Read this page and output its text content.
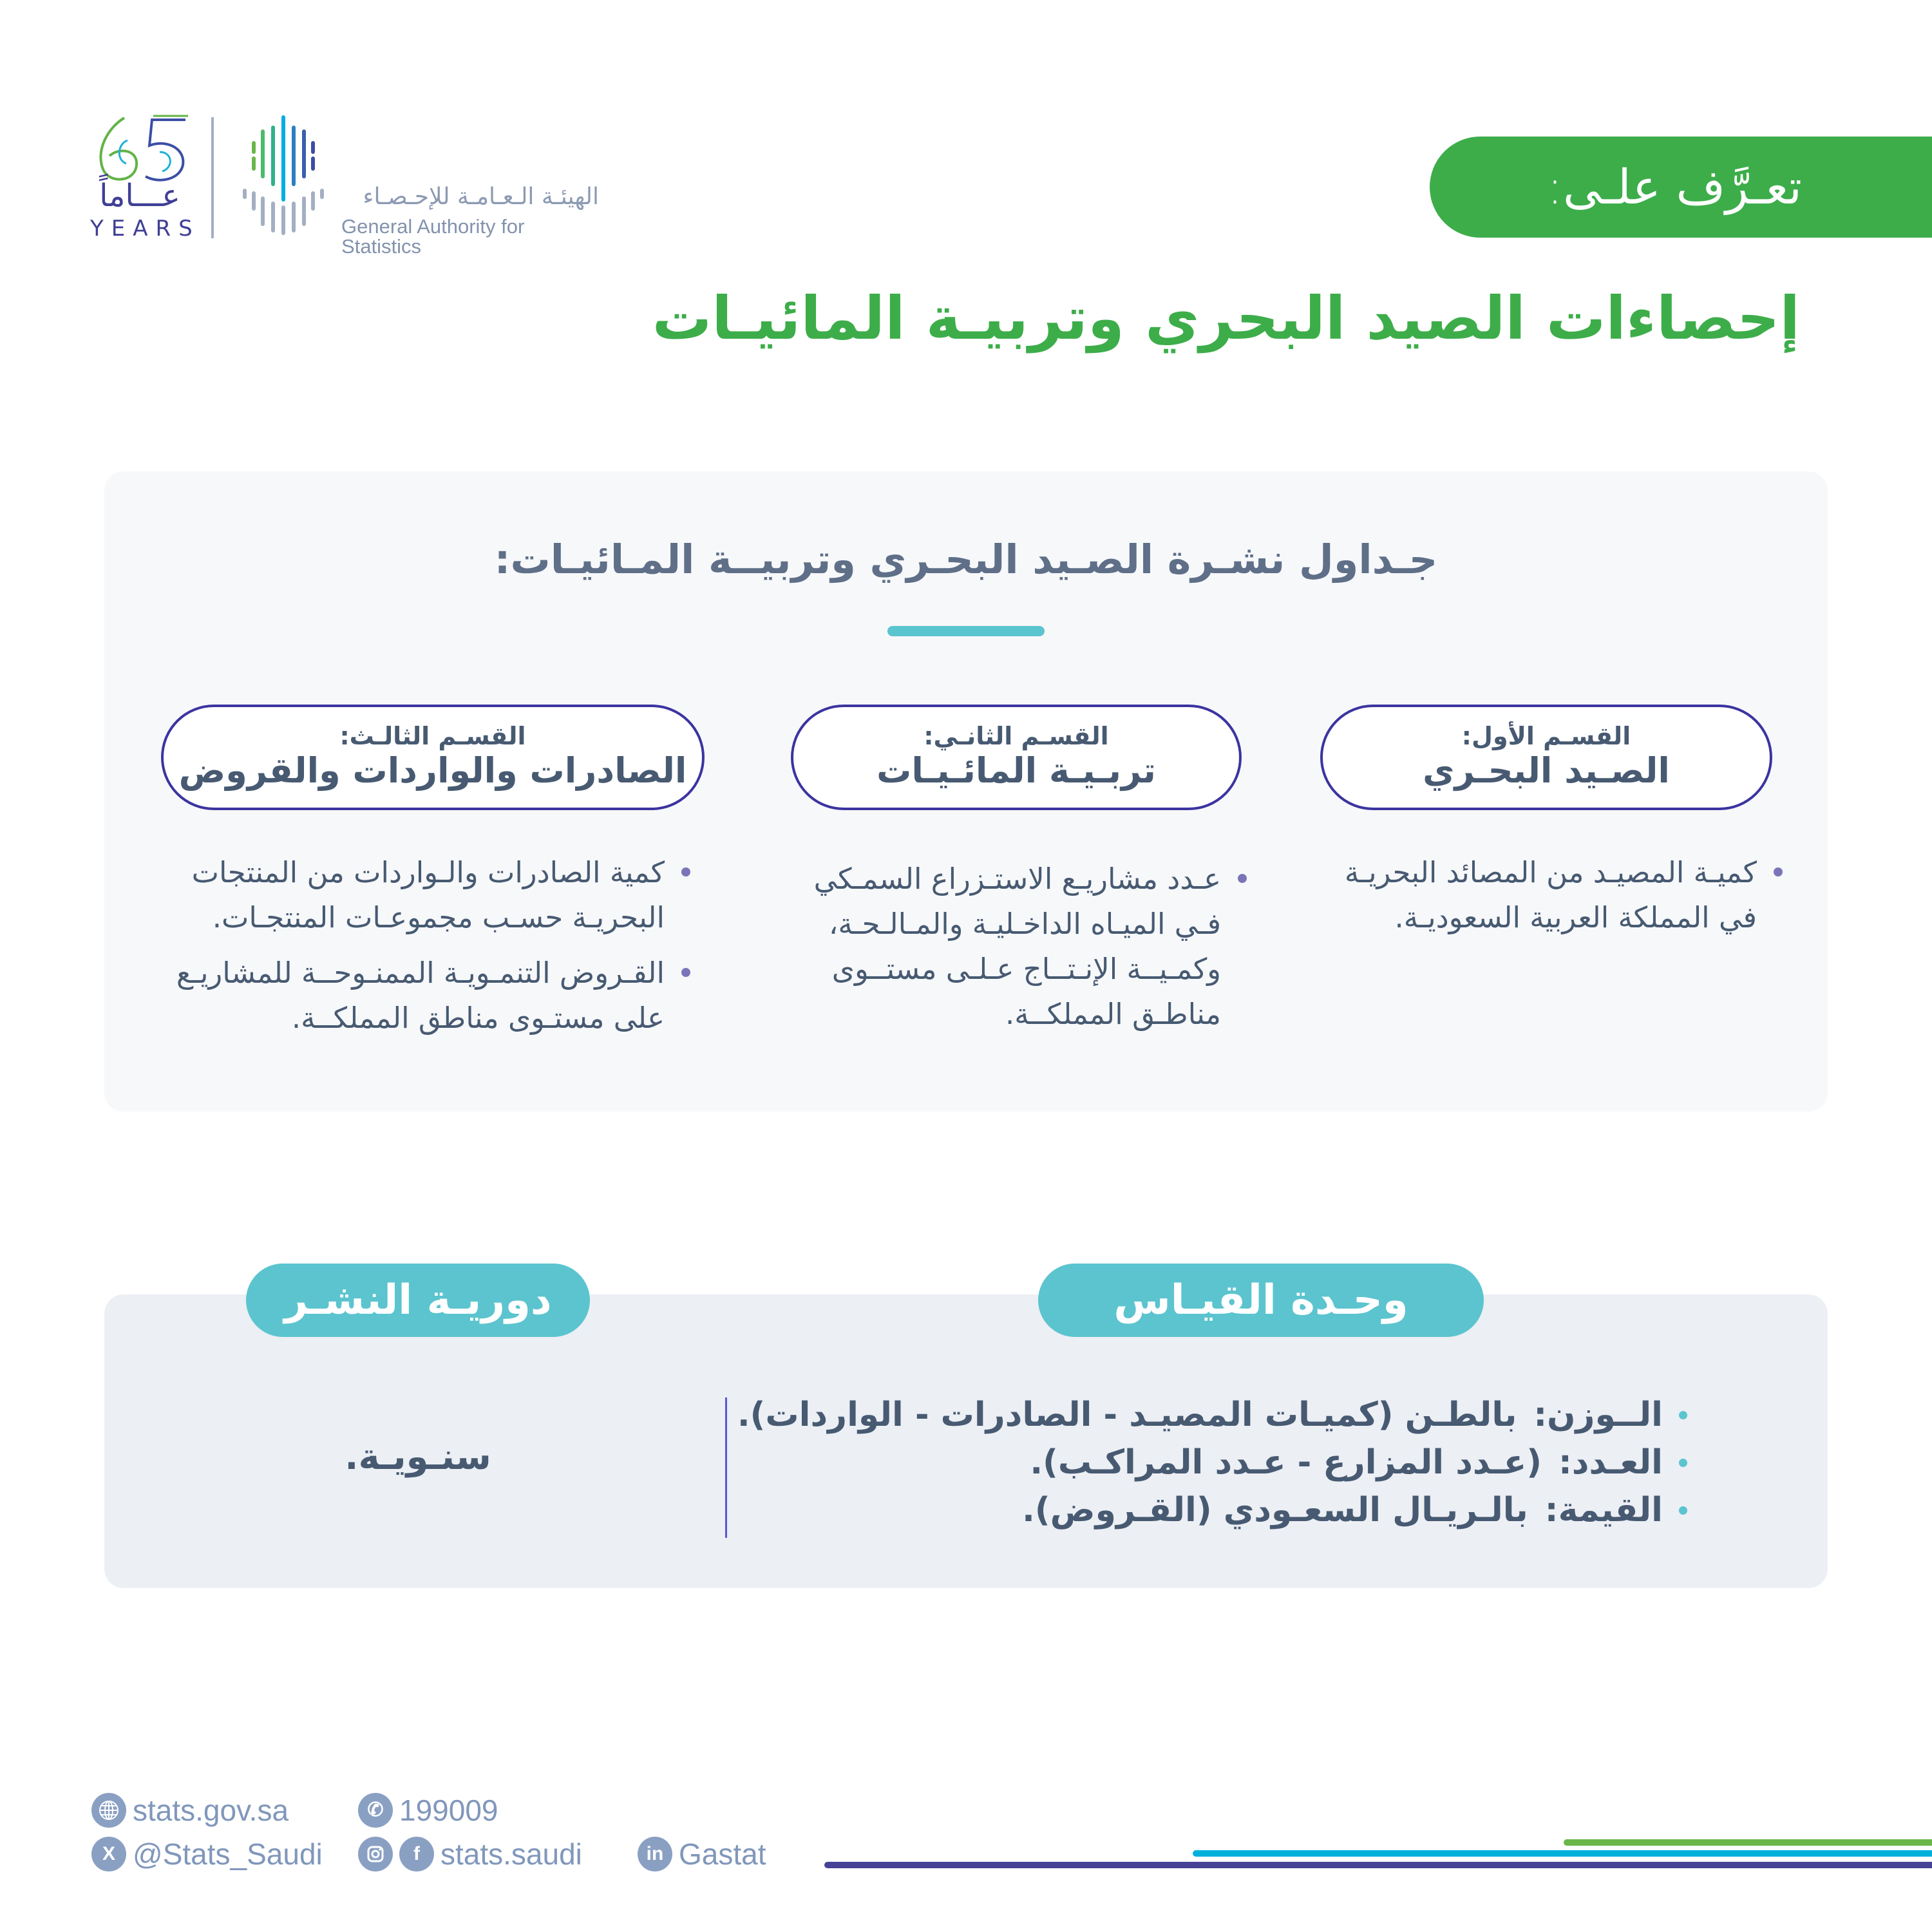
عـــاماً
YEARS
الهيئـة الـعـامـة للإحـصـاء
General Authority for Statistics
تعـرَّف علـى:
إحصاءات الصيد البحري وتربيـة المائيـات
جـداول نشـرة الصـيد البحـري وتربيــة المـائيـات:
القسـم الأول:
الصـيد البحـري
القسـم الثانـي:
تربـيـة المائـيـات
القسـم الثالـث:
الصادرات والواردات والقروض
كميـة المصيـد من المصائد البحريـة في المملكة العربية السعوديـة.
عـدد مشاريـع الاستـزراع السمـكي فـي الميـاه الداخـليـة والمـالـحـة، وكمـيــة الإنـتــاج عـلـى مستــوى مناطـق المملكــة.
كمية الصادرات والـواردات من المنتجات البحريـة حسـب مجموعـات المنتجـات.
القـروض التنمـويـة الممنـوحــة للمشاريـع على مستـوى مناطق المملكــة.
وحـدة القيـاس
دوريـة النشـر
الــوزن:بالطـن (كميـات المصيـد - الصادرات - الواردات).
العـدد:(عـدد المزارع - عـدد المراكـب).
القيمة:بالـريـال السعـودي (القـروض).
سنـويـة.
stats.gov.sa	✆ 199009
X @Stats_Saudi	f stats.saudi	in Gastat
